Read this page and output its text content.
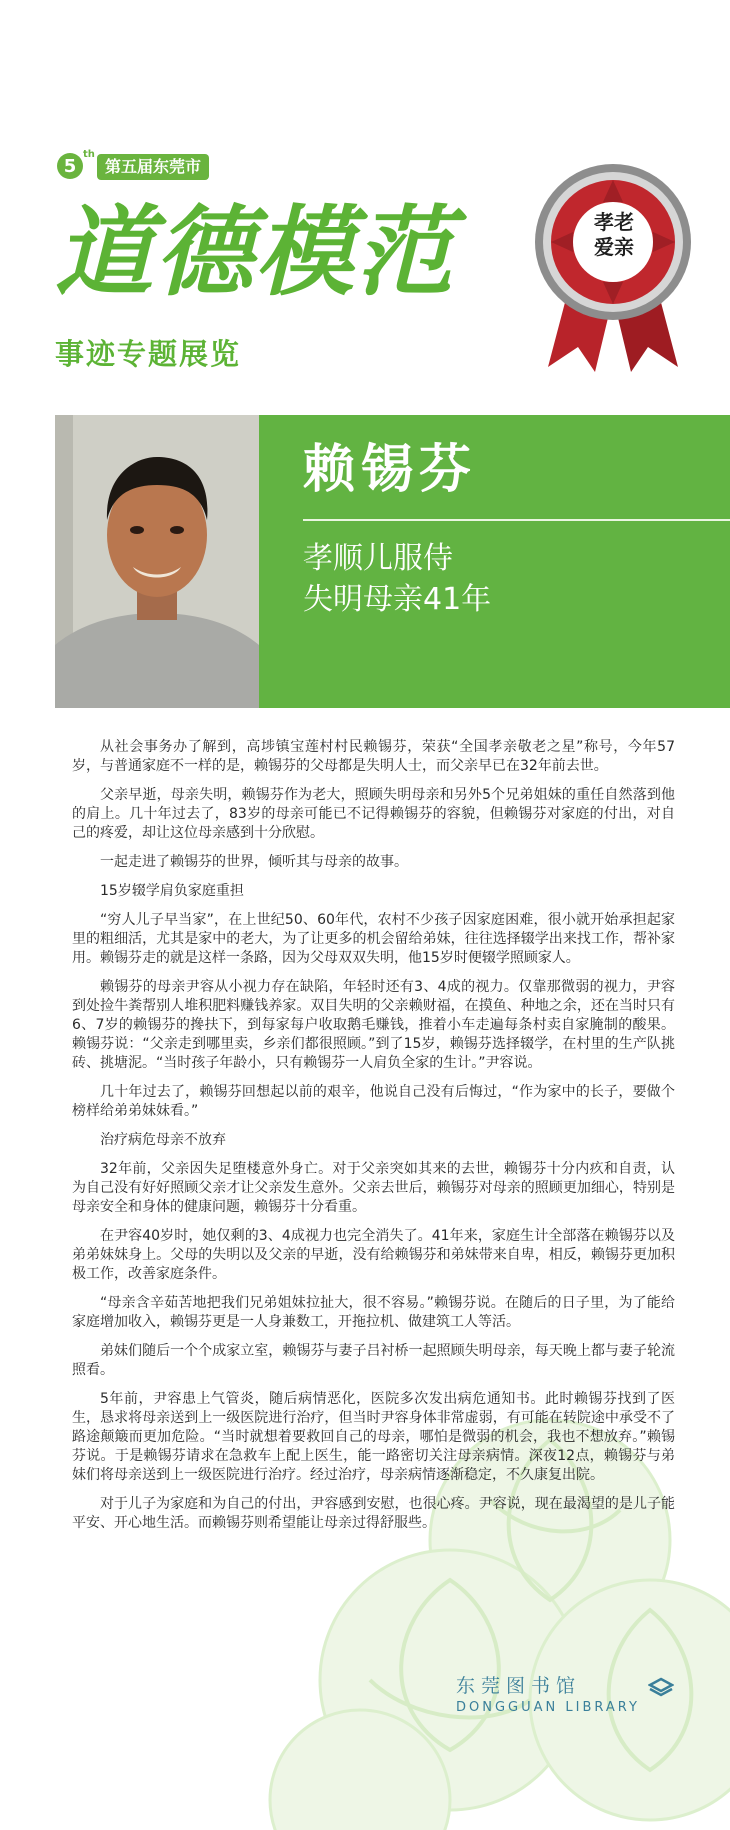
5
$^{th}$
第五届东莞市
道德模范
事迹专题展览
孝老
爱亲
赖锡芬
孝顺儿服侍
失明母亲41年

从社会事务办了解到，高埗镇宝莲村村民赖锡芬，荣获“全国孝亲敬老之星”称号，今年57岁，与普通家庭不一样的是，赖锡芬的父母都是失明人士，而父亲早已在32年前去世。

父亲早逝，母亲失明，赖锡芬作为老大，照顾失明母亲和另外5个兄弟姐妹的重任自然落到他的肩上。几十年过去了，83岁的母亲可能已不记得赖锡芬的容貌，但赖锡芬对家庭的付出，对自己的疼爱，却让这位母亲感到十分欣慰。

一起走进了赖锡芬的世界，倾听其与母亲的故事。

15岁辍学肩负家庭重担

“穷人儿子早当家”，在上世纪50、60年代，农村不少孩子因家庭困难，很小就开始承担起家里的粗细活，尤其是家中的老大，为了让更多的机会留给弟妹，往往选择辍学出来找工作，帮补家用。赖锡芬走的就是这样一条路，因为父母双双失明，他15岁时便辍学照顾家人。

赖锡芬的母亲尹容从小视力存在缺陷，年轻时还有3、4成的视力。仅靠那微弱的视力，尹容到处捡牛粪帮别人堆积肥料赚钱养家。双目失明的父亲赖财福，在摸鱼、种地之余，还在当时只有6、7岁的赖锡芬的搀扶下，到每家每户收取鹅毛赚钱，推着小车走遍每条村卖自家腌制的酸果。赖锡芬说：“父亲走到哪里卖，乡亲们都很照顾。”到了15岁，赖锡芬选择辍学，在村里的生产队挑砖、挑塘泥。“当时孩子年龄小，只有赖锡芬一人肩负全家的生计。”尹容说。

几十年过去了，赖锡芬回想起以前的艰辛，他说自己没有后悔过，“作为家中的长子，要做个榜样给弟弟妹妹看。”

治疗病危母亲不放弃

32年前，父亲因失足堕楼意外身亡。对于父亲突如其来的去世，赖锡芬十分内疚和自责，认为自己没有好好照顾父亲才让父亲发生意外。父亲去世后，赖锡芬对母亲的照顾更加细心，特别是母亲安全和身体的健康问题，赖锡芬十分看重。

在尹容40岁时，她仅剩的3、4成视力也完全消失了。41年来，家庭生计全部落在赖锡芬以及弟弟妹妹身上。父母的失明以及父亲的早逝，没有给赖锡芬和弟妹带来自卑，相反，赖锡芬更加积极工作，改善家庭条件。

“母亲含辛茹苦地把我们兄弟姐妹拉扯大，很不容易。”赖锡芬说。在随后的日子里，为了能给家庭增加收入，赖锡芬更是一人身兼数工，开拖拉机、做建筑工人等活。

弟妹们随后一个个成家立室，赖锡芬与妻子吕衬桥一起照顾失明母亲，每天晚上都与妻子轮流照看。

5年前，尹容患上气管炎，随后病情恶化，医院多次发出病危通知书。此时赖锡芬找到了医生，恳求将母亲送到上一级医院进行治疗，但当时尹容身体非常虚弱，有可能在转院途中承受不了路途颠簸而更加危险。“当时就想着要救回自己的母亲，哪怕是微弱的机会，我也不想放弃。”赖锡芬说。于是赖锡芬请求在急救车上配上医生，能一路密切关注母亲病情。深夜12点，赖锡芬与弟妹们将母亲送到上一级医院进行治疗。经过治疗，母亲病情逐渐稳定，不久康复出院。

对于儿子为家庭和为自己的付出，尹容感到安慰，也很心疼。尹容说，现在最渴望的是儿子能平安、开心地生活。而赖锡芬则希望能让母亲过得舒服些。

东莞图书馆
DONGGUAN LIBRARY
